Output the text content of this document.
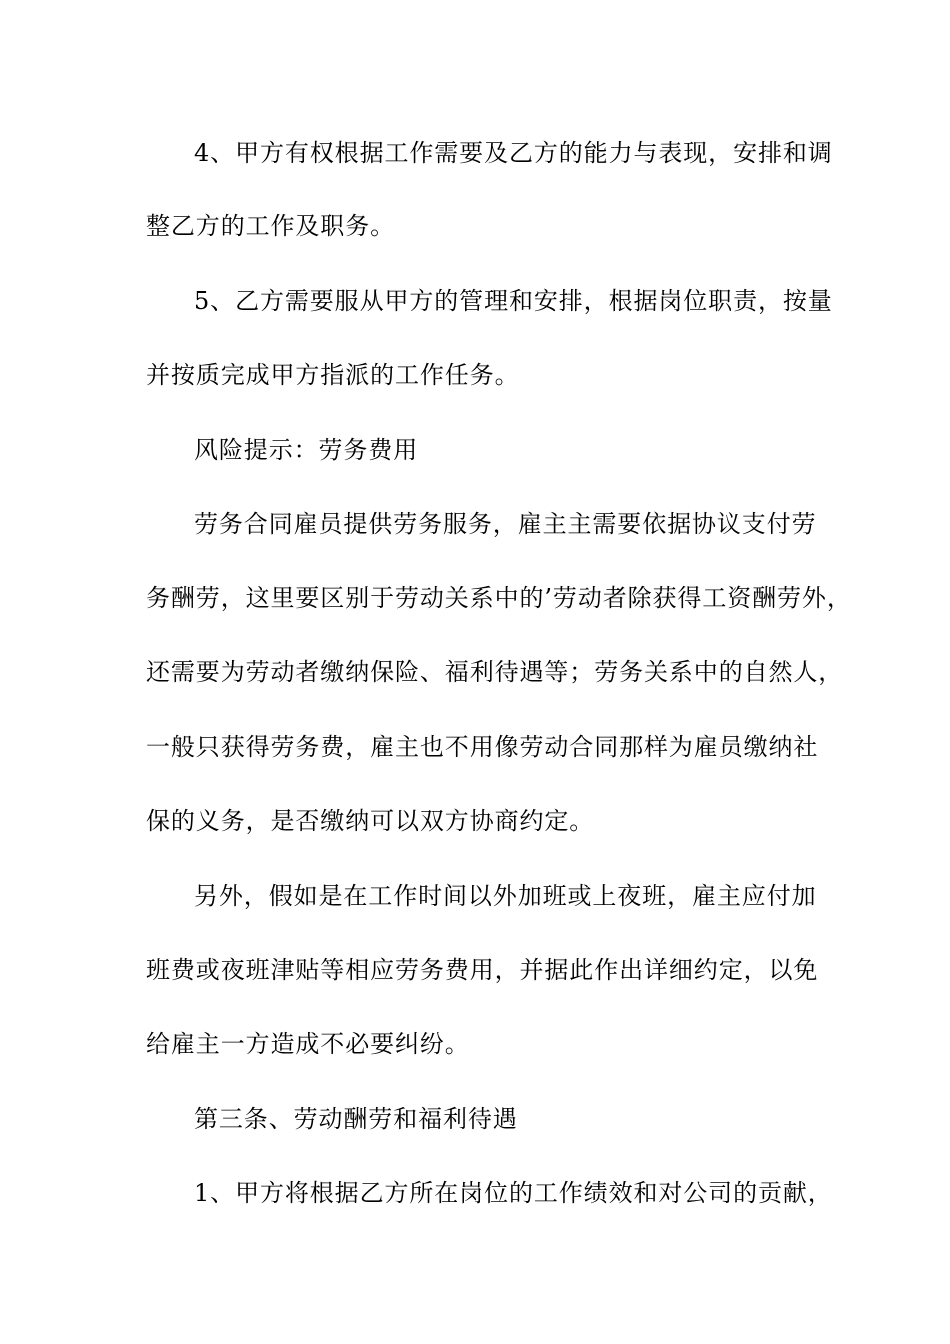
4、甲方有权根据工作需要及乙方的能力与表现，安排和调
整乙方的工作及职务。
5、乙方需要服从甲方的管理和安排，根据岗位职责，按量
并按质完成甲方指派的工作任务。
风险提示：劳务费用
劳务合同雇员提供劳务服务，雇主主需要依据协议支付劳
务酬劳，这里要区别于劳动关系中的’劳动者除获得工资酬劳外，
还需要为劳动者缴纳保险、福利待遇等；劳务关系中的自然人，
一般只获得劳务费，雇主也不用像劳动合同那样为雇员缴纳社
保的义务，是否缴纳可以双方协商约定。
另外，假如是在工作时间以外加班或上夜班，雇主应付加
班费或夜班津贴等相应劳务费用，并据此作出详细约定，以免
给雇主一方造成不必要纠纷。
第三条、劳动酬劳和福利待遇
1、甲方将根据乙方所在岗位的工作绩效和对公司的贡献，
